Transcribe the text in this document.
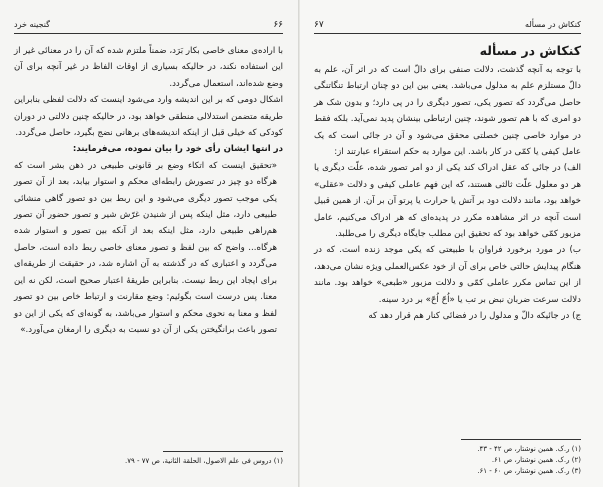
۶۶
گنجینه خرد

با اراده‌ی معنای خاصی بکار بَرَد، ضمناً ملتزم شده که آن را در معنائی غیر از این استفاده نکند، در حالیکه بسیاری از اوقات الفاظ در غیر آنچه برای آن وضع شده‌اند، استعمال می‌گردد.

اشکال دومی که بر این اندیشه وارد می‌شود اینست که دلالت لفظی بنابراین طریقه متضمن استدلالی منطقی خواهد بود، در حالیکه چنین دلالتی در دوران کودکی که خیلی قبل از اینکه اندیشه‌های برهانی نضج بگیرد، حاصل می‌گردد.

در انتها ایشان رأی خود را بیان نموده، می‌فرمایند:

«تحقیق اینست که اتکاء وضع بر قانونی طبیعی در ذهن بشر است که هرگاه دو چیز در تصورش رابطه‌ای محکم و استوار بیابد، بعد از آن تصور یکی موجب تصور دیگری می‌شود و این ربط بین دو تصور گاهی منشائی طبیعی دارد، مثل اینکه پس از شنیدن غرّش شیر و تصور حضور آن تصور هم‌راهی طبیعی دارد، مثل اینکه بعد از آنکه بین تصور و استوار شده هرگاه... واضح که بین لفظ و تصور معنای خاصی ربط داده است، حاصل می‌گردد و اعتباری که در گذشته به آن اشاره شد، در حقیقت از طریقه‌ای برای ایجاد این ربط نیست. بنابراین طریقهٔ اعتبار صحیح است، لکن نه این معنا. پس درست است بگوئیم: وضع مقارنت و ارتباط خاص بین دو تصور لفظ و معنا به نحوی محکم و استوار می‌باشد، به گونه‌ای که یکی از این دو تصور باعث برانگیختن یکی از آن دو نسبت به دیگری را ارمغان می‌آورد.»

(۱) دروس فی علم الاصول، الحلقة الثانیة، ص ۷۷ - ۷۹.
کنکاش در مسأله
۶۷
کنکاش در مسأله

با توجه به آنچه گذشت، دلالت صنفی برای دالّ است که در اثر آن، علم به دالّ مستلزم علم به مدلول می‌باشد. یعنی بین این دو چنان ارتباط تنگاتنگی حاصل می‌گردد که تصور یکی، تصور دیگری را در پی دارد؛ و بدون شک هر دو امری که با هم تصور شوند، چنین ارتباطی بینشان پدید نمی‌آید. بلکه فقط در موارد خاصی چنین خصلتی محقق می‌شود و آن در جائی است که یک عامل کیفی یا کمّی در کار باشد. این موارد به حکم استقراء عبارتند از:

الف) در جائی که عقل ادراک کند یکی از دو امر تصور شده، علّت دیگری یا هر دو معلول علّت ثالثی هستند، که این فهم عاملی کیفی و دلالت «عقلی» خواهد بود، مانند دلالت دود بر آتش یا حرارت یا پرتو آن بر آن. از همین قبیل است آنچه در اثر مشاهده مکرر در پدیده‌ای که هر ادراک می‌کنیم، عامل مزبور کمّی خواهد بود که تحقیق این مطلب جایگاه دیگری را می‌طلبد.

ب) در مورد برخورد فراوان با طبیعتی که یکی موجد زنده است. که در هنگام پیدایش حالتی خاص برای آن از خود عکس‌العملی ویژه نشان می‌دهد، از این تماس مکرر عاملی کمّی و دلالت مزبور «طبعی» خواهد بود. مانند دلالت سرعت ضربان نبض بر تب یا «اُحّ اُحّ» بر درد سینه.

ج) در جائیکه دالّ و مدلول را در فضائی کنار هم قرار دهد که

(۱) ر.ک. همین نوشتار، ص ۴۲ - ۴۳.
(۲) ر.ک. همین نوشتار، ص ۶۱.
(۳) ر.ک. همین نوشتار، ص ۶۰ - ۶۱.
